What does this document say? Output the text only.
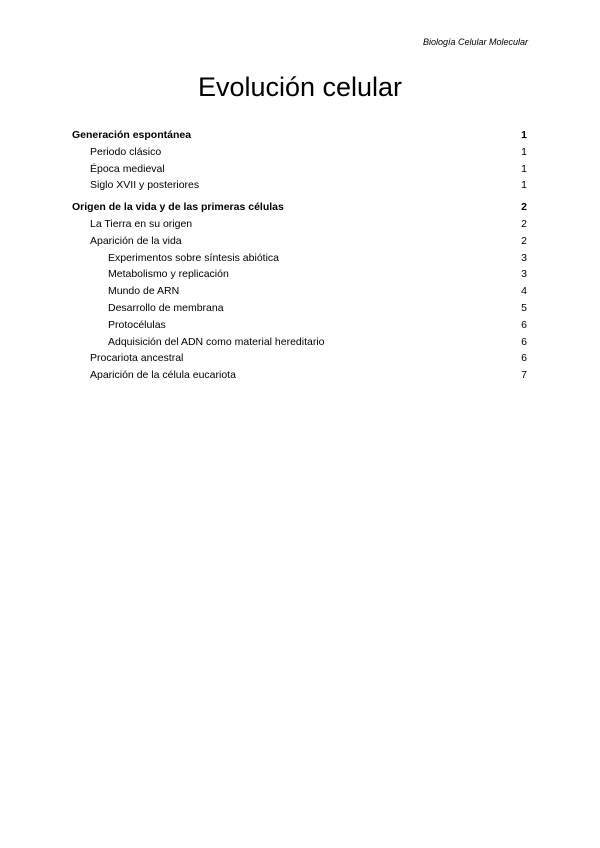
Biología Celular Molecular
Evolución celular
Generación espontánea	1
Periodo clásico	1
Época medieval	1
Siglo XVII y posteriores	1
Origen de la vida y de las primeras células	2
La Tierra en su origen	2
Aparición de la vida	2
Experimentos sobre síntesis abiótica	3
Metabolismo y replicación	3
Mundo de ARN	4
Desarrollo de membrana	5
Protocélulas	6
Adquisición del ADN como material hereditario	6
Procariota ancestral	6
Aparición de la célula eucariota	7
